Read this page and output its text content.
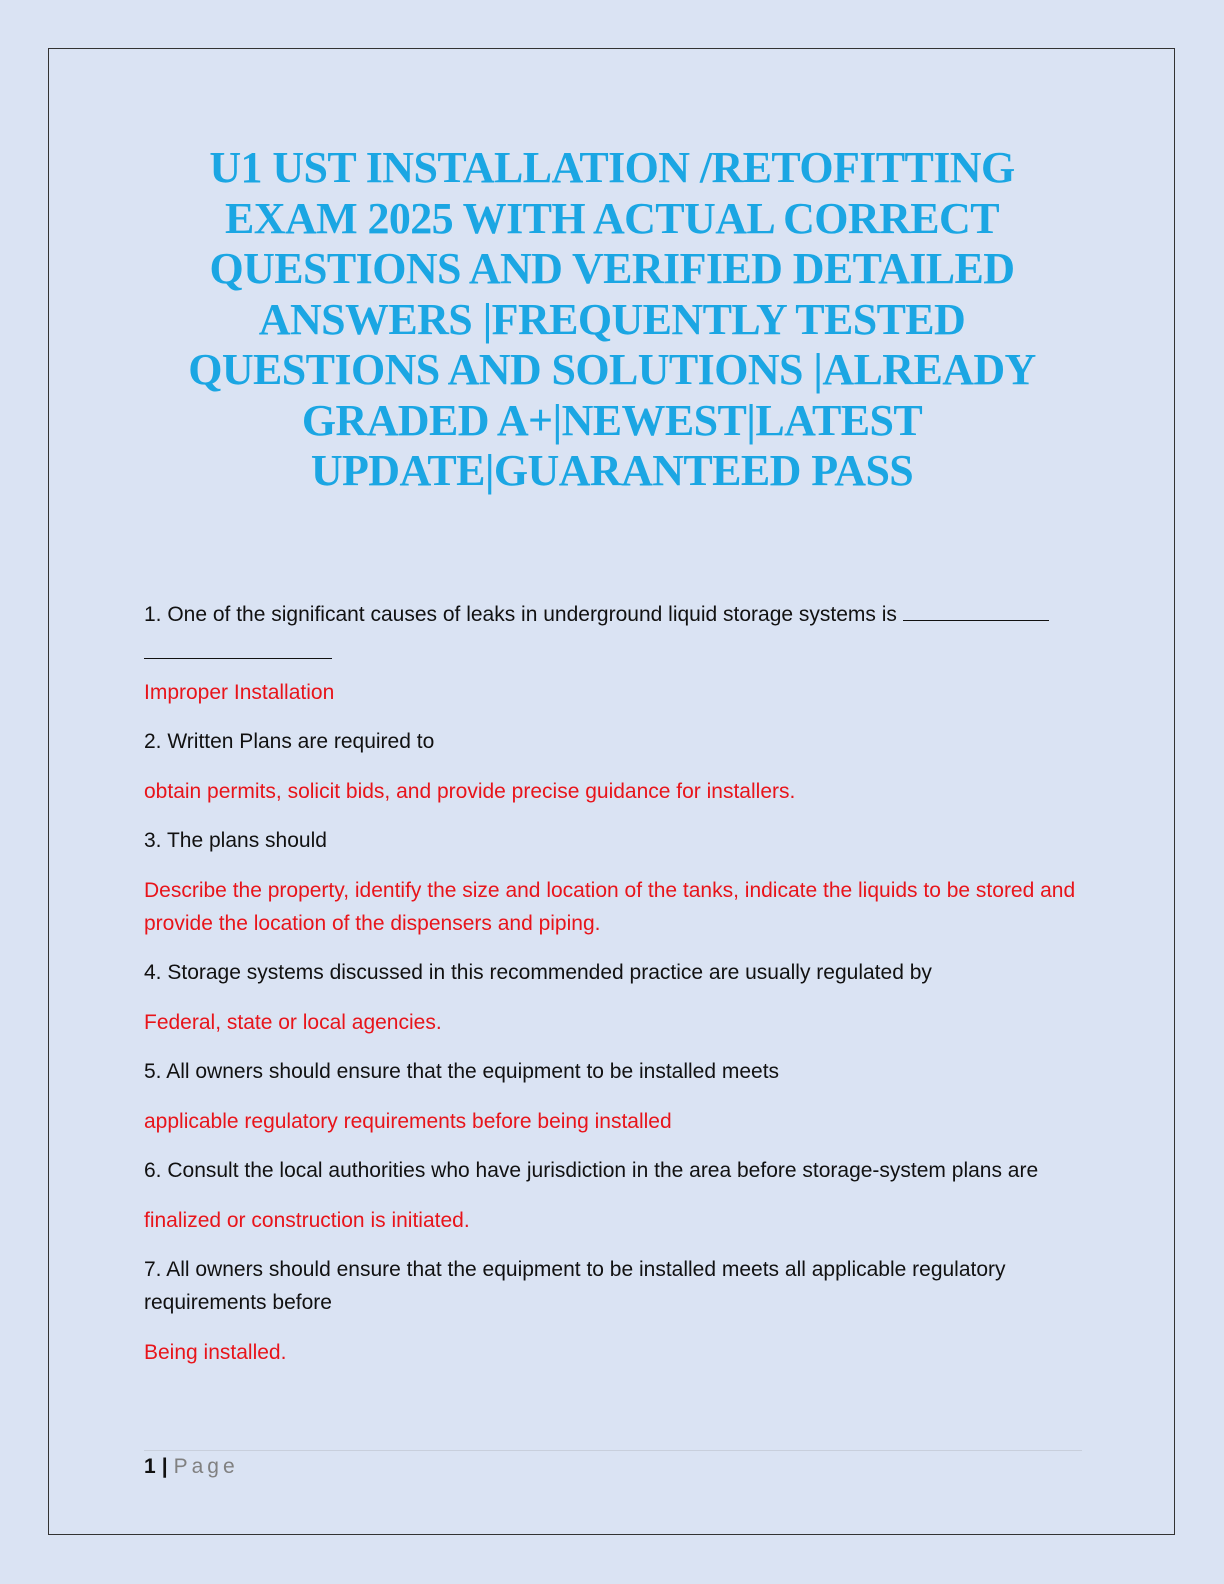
U1 UST INSTALLATION /RETOFITTING EXAM 2025 WITH ACTUAL CORRECT QUESTIONS AND VERIFIED DETAILED ANSWERS |FREQUENTLY TESTED QUESTIONS AND SOLUTIONS |ALREADY GRADED A+|NEWEST|LATEST UPDATE|GUARANTEED PASS

1. One of the significant causes of leaks in underground liquid storage systems is

Improper Installation

2. Written Plans are required to

obtain permits, solicit bids, and provide precise guidance for installers.

3. The plans should

Describe the property, identify the size and location of the tanks, indicate the liquids to be stored and provide the location of the dispensers and piping.

4. Storage systems discussed in this recommended practice are usually regulated by

Federal, state or local agencies.

5. All owners should ensure that the equipment to be installed meets

applicable regulatory requirements before being installed

6. Consult the local authorities who have jurisdiction in the area before storage-system plans are

finalized or construction is initiated.

7. All owners should ensure that the equipment to be installed meets all applicable regulatory requirements before

Being installed.

1 | Page
